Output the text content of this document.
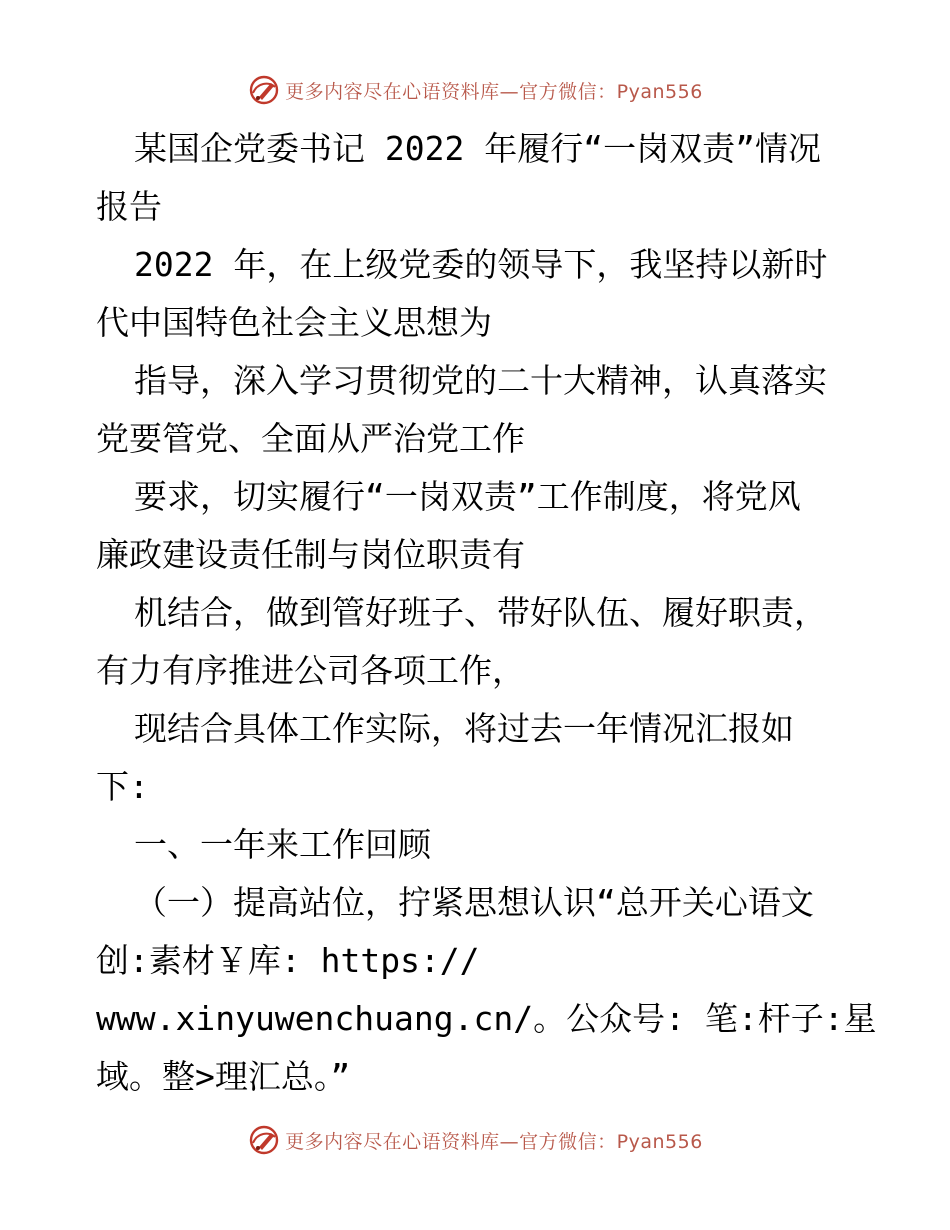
更多内容尽在心语资料库—官方微信：Pyan556
某国企党委书记 2022 年履行“一岗双责”情况
报告
2022 年，在上级党委的领导下，我坚持以新时
代中国特色社会主义思想为
指导，深入学习贯彻党的二十大精神，认真落实
党要管党、全面从严治党工作
要求，切实履行“一岗双责”工作制度，将党风
廉政建设责任制与岗位职责有
机结合，做到管好班子、带好队伍、履好职责，
有力有序推进公司各项工作，
现结合具体工作实际，将过去一年情况汇报如
下:
一、一年来工作回顾
（一）提高站位，拧紧思想认识“总开关心语文
创:素材￥库: https://
www.xinyuwenchuang.cn/。公众号: 笔:杆子:星
域。整>理汇总。”
更多内容尽在心语资料库—官方微信：Pyan556
